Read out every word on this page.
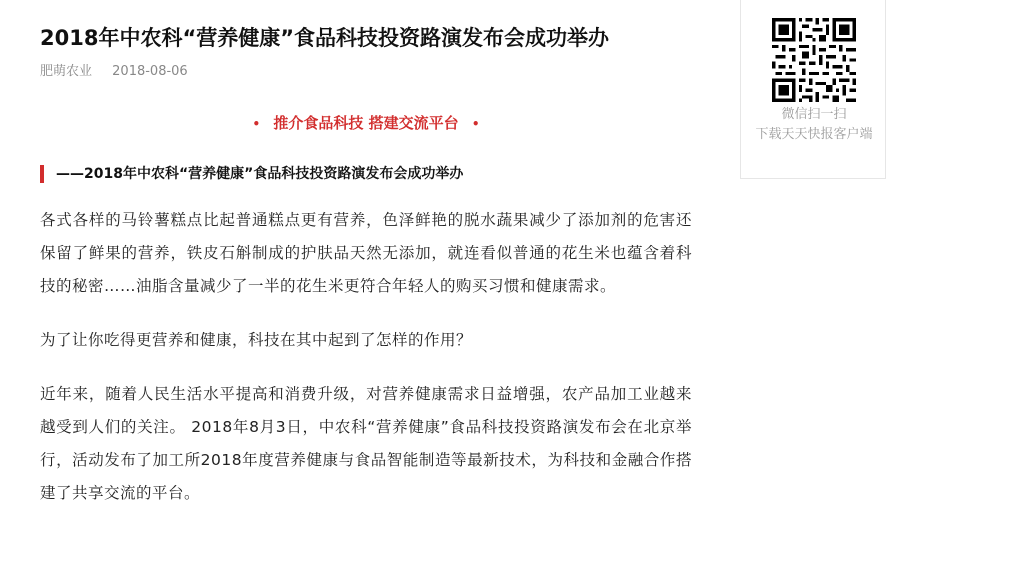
2018年中农科“营养健康”食品科技投资路演发布会成功举办
肥萌农业 2018-08-06
• 推介食品科技 搭建交流平台 •
——2018年中农科“营养健康”食品科技投资路演发布会成功举办

各式各样的马铃薯糕点比起普通糕点更有营养，色泽鲜艳的脱水蔬果减少了添加剂的危害还保留了鲜果的营养，铁皮石斛制成的护肤品天然无添加，就连看似普通的花生米也蕴含着科技的秘密……油脂含量减少了一半的花生米更符合年轻人的购买习惯和健康需求。

为了让你吃得更营养和健康，科技在其中起到了怎样的作用？

近年来，随着人民生活水平提高和消费升级，对营养健康需求日益增强，农产品加工业越来越受到人们的关注。 2018年8月3日，中农科“营养健康”食品科技投资路演发布会在北京举行，活动发布了加工所2018年度营养健康与食品智能制造等最新技术，为科技和金融合作搭建了共享交流的平台。

微信扫一扫
下载天天快报客户端
